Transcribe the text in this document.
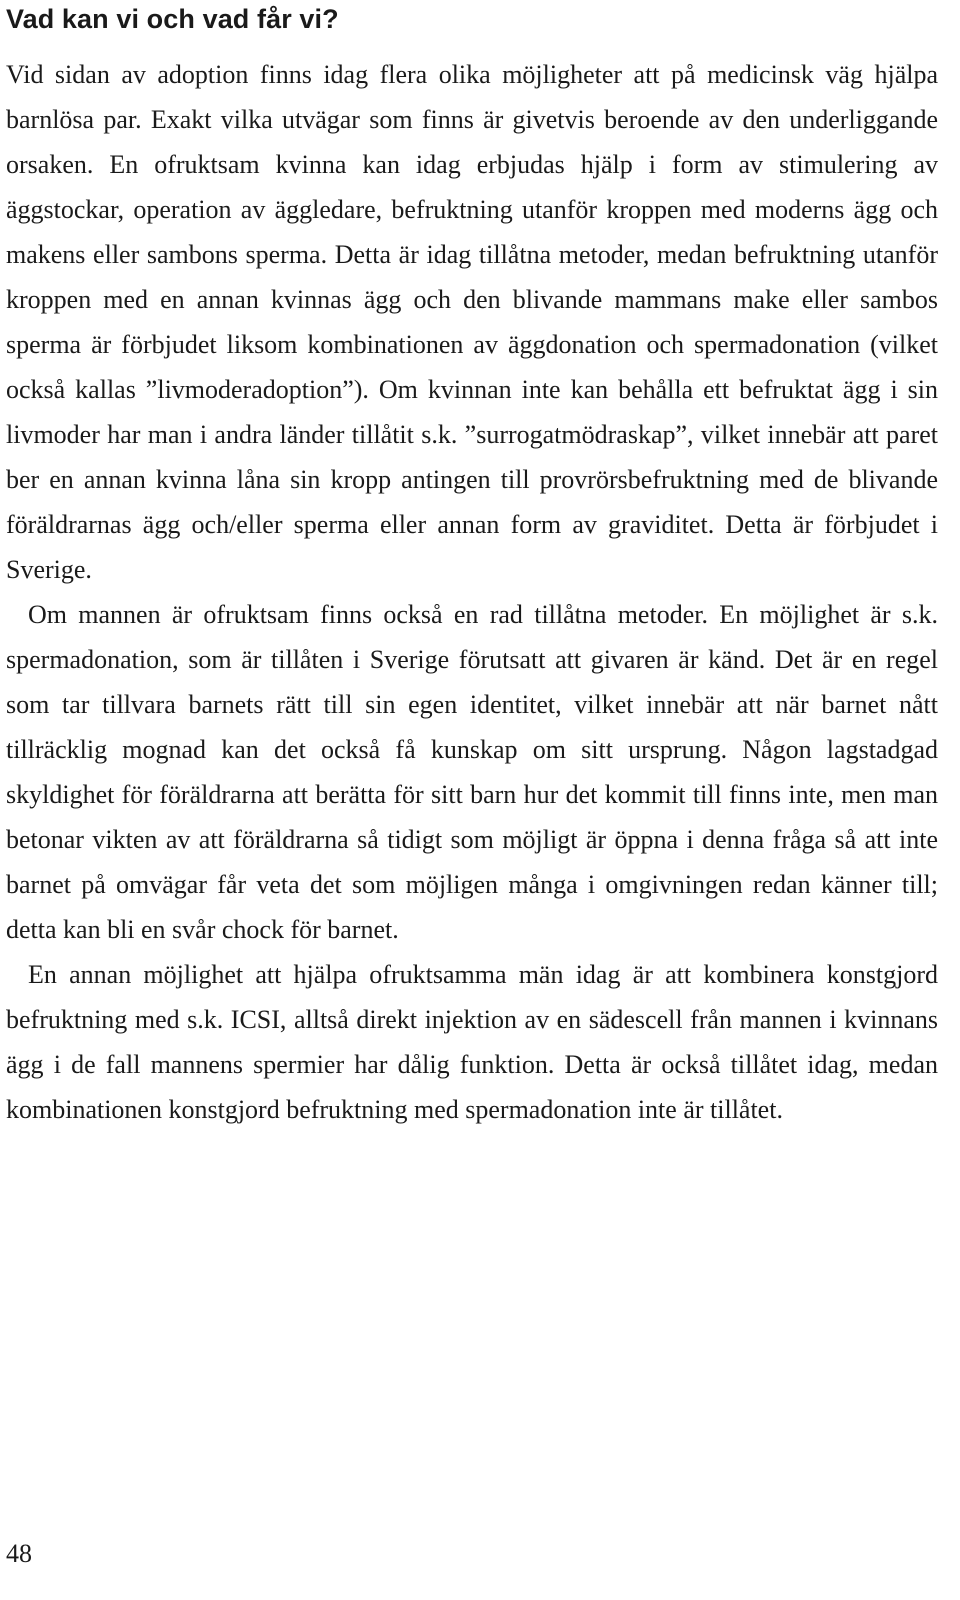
Vad kan vi och vad får vi?

Vid sidan av adoption finns idag flera olika möjligheter att på medicinsk väg hjälpa barnlösa par. Exakt vilka utvägar som finns är givetvis beroende av den underliggande orsaken. En ofruktsam kvinna kan idag erbjudas hjälp i form av stimulering av äggstockar, operation av äggledare, befruktning utanför kroppen med moderns ägg och makens eller sambons sperma. Detta är idag tillåtna metoder, medan befruktning utanför kroppen med en annan kvinnas ägg och den blivande mammans make eller sambos sperma är förbjudet liksom kombinationen av äggdonation och spermadonation (vilket också kallas ”livmoderadoption”). Om kvinnan inte kan behålla ett befruktat ägg i sin livmoder har man i andra länder tillåtit s.k. ”surrogatmödraskap”, vilket innebär att paret ber en annan kvinna låna sin kropp antingen till provrörsbefruktning med de blivande föräldrarnas ägg och/eller sperma eller annan form av graviditet. Detta är förbjudet i Sverige.

Om mannen är ofruktsam finns också en rad tillåtna metoder. En möjlighet är s.k. spermadonation, som är tillåten i Sverige förutsatt att givaren är känd. Det är en regel som tar tillvara barnets rätt till sin egen identitet, vilket innebär att när barnet nått tillräcklig mognad kan det också få kunskap om sitt ursprung. Någon lagstadgad skyldighet för föräldrarna att berätta för sitt barn hur det kommit till finns inte, men man betonar vikten av att föräldrarna så tidigt som möjligt är öppna i denna fråga så att inte barnet på omvägar får veta det som möjligen många i omgivningen redan känner till; detta kan bli en svår chock för barnet.

En annan möjlighet att hjälpa ofruktsamma män idag är att kombinera konstgjord befruktning med s.k. ICSI, alltså direkt injektion av en sädescell från mannen i kvinnans ägg i de fall mannens spermier har dålig funktion. Detta är också tillåtet idag, medan kombinationen konstgjord befruktning med spermadonation inte är tillåtet.

48
